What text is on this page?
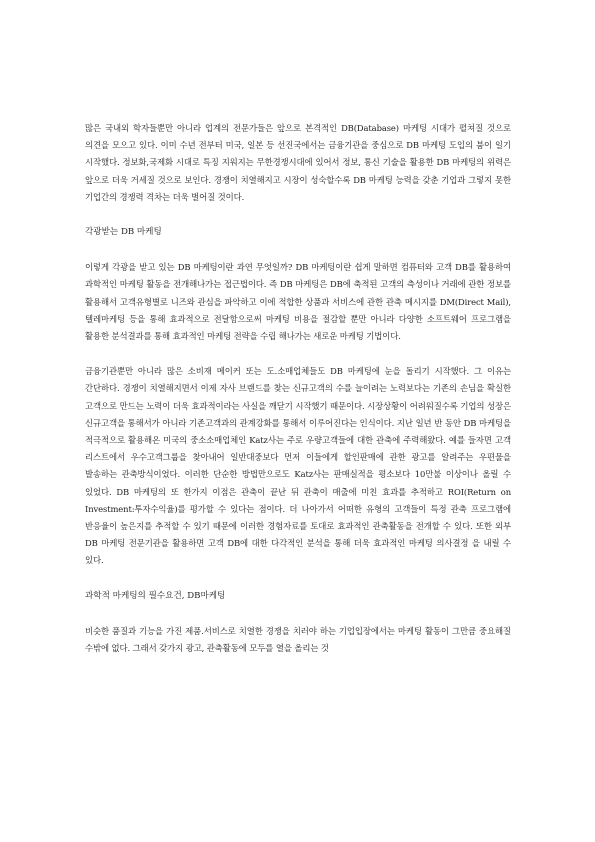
많은 국내외 학자들뿐만 아니라 업계의 전문가들은 앞으로 본격적인 DB(Database) 마케팅 시대가 펼쳐질 것으로 의견을 모으고 있다. 이미 수년 전부터 미국, 일본 등 선진국에서는 금융기관을 중심으로 DB 마케팅 도입의 붐이 일기 시작했다. 정보화,국제화 시대로 특징 지워지는 무한경쟁시대에 있어서 정보, 통신 기술을 활용한 DB 마케팅의 위력은 앞으로 더욱 거세질 것으로 보인다. 경쟁이 치열해지고 시장이 성숙할수록 DB 마케팅 능력을 갖춘 기업과 그렇지 못한 기업간의 경쟁력 격차는 더욱 벌어질 것이다.

각광받는 DB 마케팅

이렇게 각광을 받고 있는 DB 마케팅이란 과연 무엇일까? DB 마케팅이란 쉽게 말하면 컴퓨터와 고객 DB를 활용하여 과학적인 마케팅 활동을 전개해나가는 접근법이다. 즉 DB 마케팅은 DB에 축적된 고객의 측성이나 거래에 관한 정보를 활용해서 고객유형별로 니즈와 관심을 파악하고 이에 적합한 상품과 서비스에 관한 관축 메시지를 DM(Direct Mail), 텔레마케팅 등을 통해 효과적으로 전달함으로써 마케팅 비용을 절감할 뿐만 아니라 다양한 소프트웨어 프로그램을 활용한 분석결과를 통해 효과적인 마케팅 전략을 수립 해나가는 새로운 마케팅 기법이다.

금융기관뿐만 아니라 많은 소비재 메이커 또는 도.소매업체들도 DB 마케팅에 눈을 돌리기 시작했다. 그 이유는 간단하다. 경쟁이 치열해지면서 이제 자사 브랜드를 찾는 신규고객의 수를 늘이려는 노력보다는 기존의 손님을 확실한 고객으로 만드는 노력이 더욱 효과적이라는 사실을 깨닫기 시작했기 때문이다. 시장상황이 어려워질수록 기업의 성장은 신규고객을 통해서가 아니라 기존고객과의 관계강화를 통해서 이루어진다는 인식이다. 지난 일년 반 동안 DB 마케팅을 적극적으로 활용해온 미국의 중소소매업체인 Katz사는 주로 우량고객들에 대한 관축에 주력해왔다. 예를 들자면 고객 리스트에서 우수고객그룹을 찾아내어 일반대중보다 먼저 이들에게 할인판매에 관한 광고를 알려주는 우편물을 발송하는 관축방식이었다. 이러한 단순한 방법만으로도 Katz사는 판매실적을 평소보다 10만불 이상이나 올릴 수 있었다. DB 마케팅의 또 한가지 이점은 관축이 끝난 뒤 관축이 매출에 미친 효과를 추적하고 ROI(Return on Investment:투자수익율)를 평가할 수 있다는 점이다. 더 나아가서 어떠한 유형의 고객들이 특정 관축 프로그램에 반응율이 높은지를 추적할 수 있기 때문에 이러한 경험자료를 토대로 효과적인 관축활동을 전개할 수 있다. 또한 외부 DB 마케팅 전문기관을 활용하면 고객 DB에 대한 다각적인 분석을 통해 더욱 효과적인 마케팅 의사결정 을 내릴 수 있다.

과학적 마케팅의 필수요건, DB마케팅

비슷한 품질과 기능을 가진 제품.서비스로 치열한 경쟁을 치러야 하는 기업입장에서는 마케팅 활동이 그만큼 중요해질 수밖에 없다. 그래서 갖가지 광고, 관축활동에 모두를 열을 올리는 것
